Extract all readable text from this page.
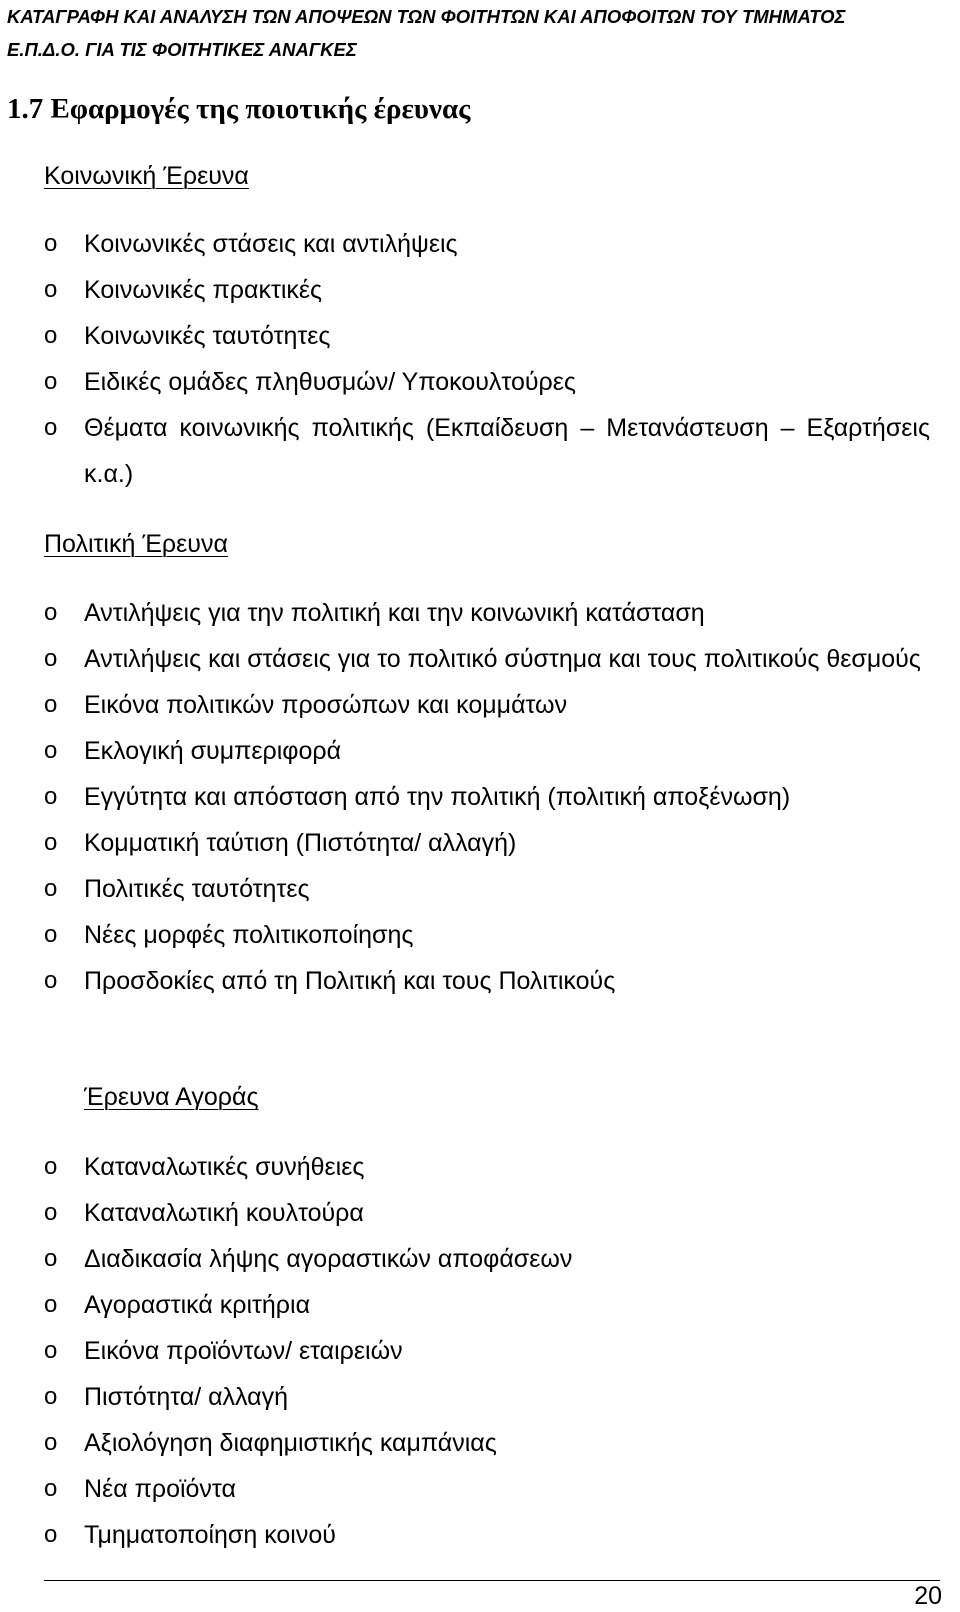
ΚΑΤΑΓΡΑΦΗ ΚΑΙ ΑΝΑΛΥΣΗ ΤΩΝ ΑΠΟΨΕΩΝ ΤΩΝ ΦΟΙΤΗΤΩΝ ΚΑΙ ΑΠΟΦΟΙΤΩΝ ΤΟΥ ΤΜΗΜΑΤΟΣ
Ε.Π.Δ.Ο. ΓΙΑ ΤΙΣ ΦΟΙΤΗΤΙΚΕΣ ΑΝΑΓΚΕΣ
1.7 Εφαρμογές της ποιοτικής έρευνας
Κοινωνική Έρευνα
o Κοινωνικές στάσεις και αντιλήψεις
o Κοινωνικές πρακτικές
o Κοινωνικές ταυτότητες
o Ειδικές ομάδες πληθυσμών/ Υποκουλτούρες
o Θέματα κοινωνικής πολιτικής (Εκπαίδευση – Μετανάστευση – Εξαρτήσεις κ.α.)
Πολιτική Έρευνα
o Αντιλήψεις για την πολιτική και την κοινωνική κατάσταση
o Αντιλήψεις και στάσεις για το πολιτικό σύστημα και τους πολιτικούς θεσμούς
o Εικόνα πολιτικών προσώπων και κομμάτων
o Εκλογική συμπεριφορά
o Εγγύτητα και απόσταση από την πολιτική (πολιτική αποξένωση)
o Κομματική ταύτιση (Πιστότητα/ αλλαγή)
o Πολιτικές ταυτότητες
o Νέες μορφές πολιτικοποίησης
o Προσδοκίες από τη Πολιτική και τους Πολιτικούς
Έρευνα Αγοράς
o Καταναλωτικές συνήθειες
o Καταναλωτική κουλτούρα
o Διαδικασία λήψης αγοραστικών αποφάσεων
o Αγοραστικά κριτήρια
o Εικόνα προϊόντων/ εταιρειών
o Πιστότητα/ αλλαγή
o Αξιολόγηση διαφημιστικής καμπάνιας
o Νέα προϊόντα
o Τμηματοποίηση κοινού
20
